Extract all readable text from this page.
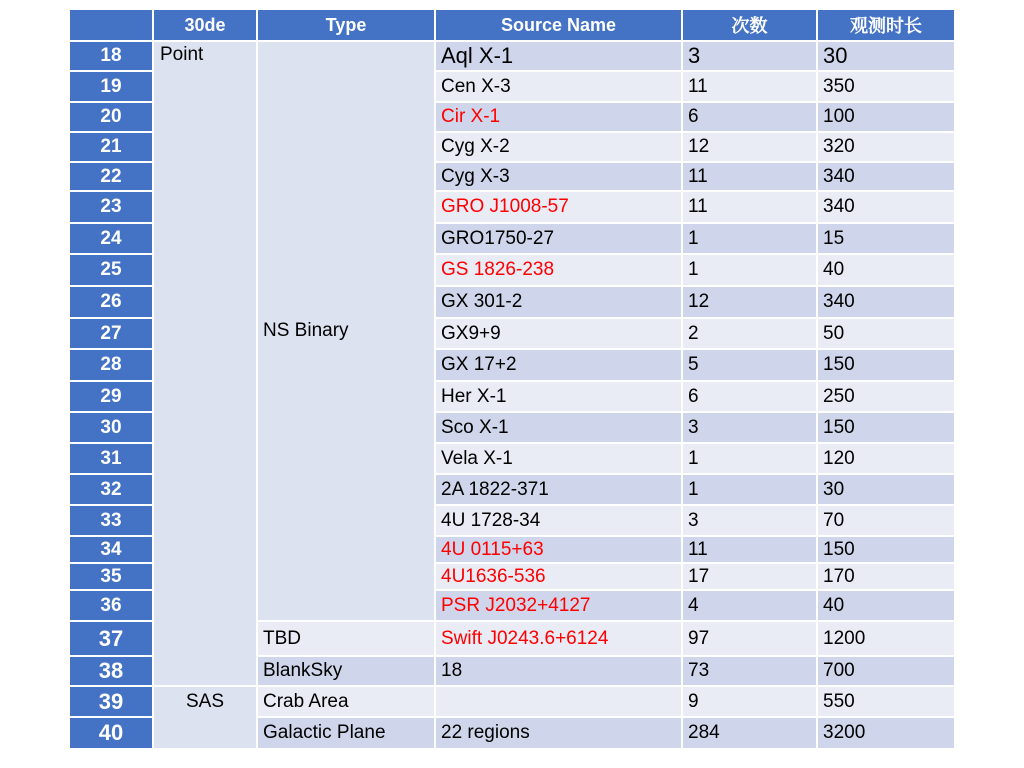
	30de	Type	Source Name	次数	观测时长
18	Point	NS Binary	Aql X-1	3	30
19			Cen X-3	11	350
20			Cir X-1	6	100
21			Cyg X-2	12	320
22			Cyg X-3	11	340
23			GRO J1008-57	11	340
24			GRO1750-27	1	15
25			GS 1826-238	1	40
26			GX 301-2	12	340
27			GX9+9	2	50
28			GX 17+2	5	150
29			Her X-1	6	250
30			Sco X-1	3	150
31			Vela X-1	1	120
32			2A 1822-371	1	30
33			4U 1728-34	3	70
34			4U 0115+63	11	150
35			4U1636-536	17	170
36			PSR J2032+4127	4	40
37		TBD	Swift J0243.6+6124	97	1200
38		BlankSky	18	73	700
39	SAS	Crab Area		9	550
40		Galactic Plane	22 regions	284	3200
